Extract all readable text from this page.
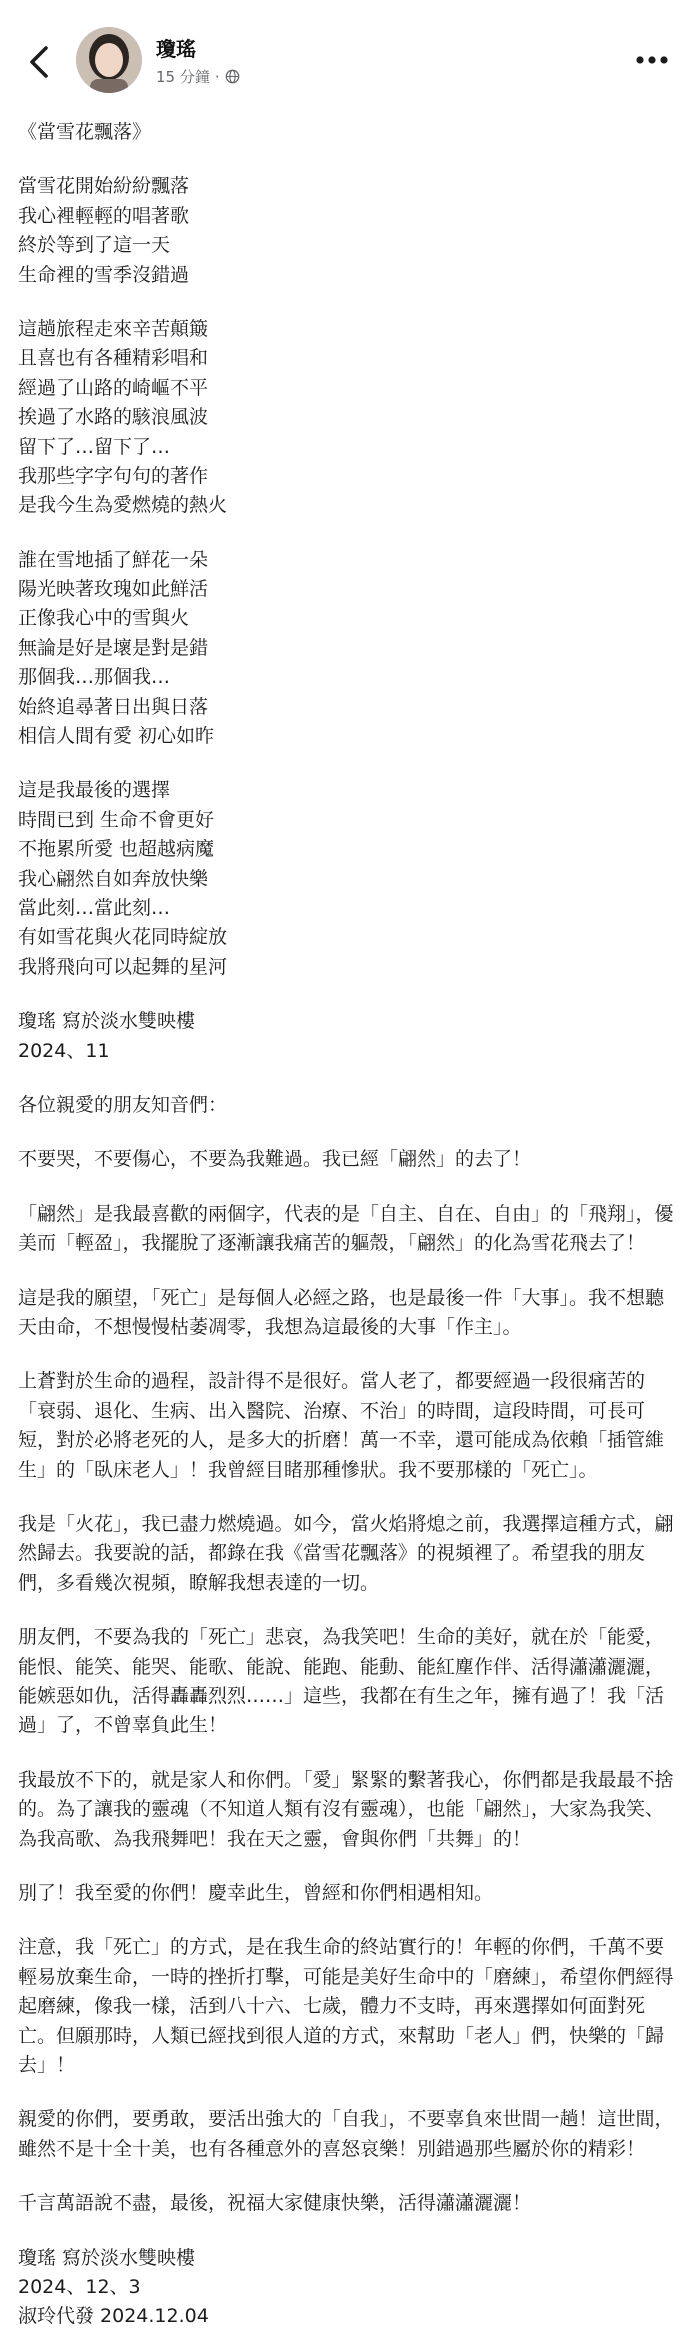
瓊瑤
15 分鐘 ·
《當雪花飄落》
當雪花開始紛紛飄落
我心裡輕輕的唱著歌
終於等到了這一天
生命裡的雪季沒錯過
這趟旅程走來辛苦顛簸
且喜也有各種精彩唱和
經過了山路的崎嶇不平
挨過了水路的駭浪風波
留下了…留下了…
我那些字字句句的著作
是我今生為愛燃燒的熱火
誰在雪地插了鮮花一朵
陽光映著玫瑰如此鮮活
正像我心中的雪與火
無論是好是壞是對是錯
那個我…那個我…
始終追尋著日出與日落
相信人間有愛 初心如昨
這是我最後的選擇
時間已到 生命不會更好
不拖累所愛 也超越病魔
我心翩然自如奔放快樂
當此刻…當此刻…
有如雪花與火花同時綻放
我將飛向可以起舞的星河
瓊瑤 寫於淡水雙映樓
2024、11
各位親愛的朋友知音們：
不要哭，不要傷心，不要為我難過。我已經「翩然」的去了！
「翩然」是我最喜歡的兩個字，代表的是「自主、自在、自由」的「飛翔」，優美而「輕盈」，我擺脫了逐漸讓我痛苦的軀殼，「翩然」的化為雪花飛去了！
這是我的願望，「死亡」是每個人必經之路，也是最後一件「大事」。我不想聽天由命，不想慢慢枯萎凋零，我想為這最後的大事「作主」。
上蒼對於生命的過程，設計得不是很好。當人老了，都要經過一段很痛苦的「衰弱、退化、生病、出入醫院、治療、不治」的時間，這段時間，可長可短，對於必將老死的人，是多大的折磨！萬一不幸，還可能成為依賴「插管維生」的「臥床老人」！我曾經目睹那種慘狀。我不要那樣的「死亡」。
我是「火花」，我已盡力燃燒過。如今，當火焰將熄之前，我選擇這種方式，翩然歸去。我要說的話，都錄在我《當雪花飄落》的視頻裡了。希望我的朋友們，多看幾次視頻，瞭解我想表達的一切。
朋友們，不要為我的「死亡」悲哀，為我笑吧！生命的美好，就在於「能愛，能恨、能笑、能哭、能歌、能說、能跑、能動、能紅塵作伴、活得瀟瀟灑灑，能嫉惡如仇，活得轟轟烈烈……」這些，我都在有生之年，擁有過了！我「活過」了，不曾辜負此生！
我最放不下的，就是家人和你們。「愛」緊緊的繫著我心，你們都是我最最不捨的。為了讓我的靈魂（不知道人類有沒有靈魂），也能「翩然」，大家為我笑、為我高歌、為我飛舞吧！我在天之靈，會與你們「共舞」的！
別了！我至愛的你們！慶幸此生，曾經和你們相遇相知。
注意，我「死亡」的方式，是在我生命的終站實行的！年輕的你們，千萬不要輕易放棄生命，一時的挫折打擊，可能是美好生命中的「磨練」，希望你們經得起磨練，像我一樣，活到八十六、七歲，體力不支時，再來選擇如何面對死亡。但願那時，人類已經找到很人道的方式，來幫助「老人」們，快樂的「歸去」！
親愛的你們，要勇敢，要活出強大的「自我」，不要辜負來世間一趟！這世間，雖然不是十全十美，也有各種意外的喜怒哀樂！別錯過那些屬於你的精彩！
千言萬語說不盡，最後，祝福大家健康快樂，活得瀟瀟灑灑！
瓊瑤 寫於淡水雙映樓
2024、12、3
淑玲代發 2024.12.04
